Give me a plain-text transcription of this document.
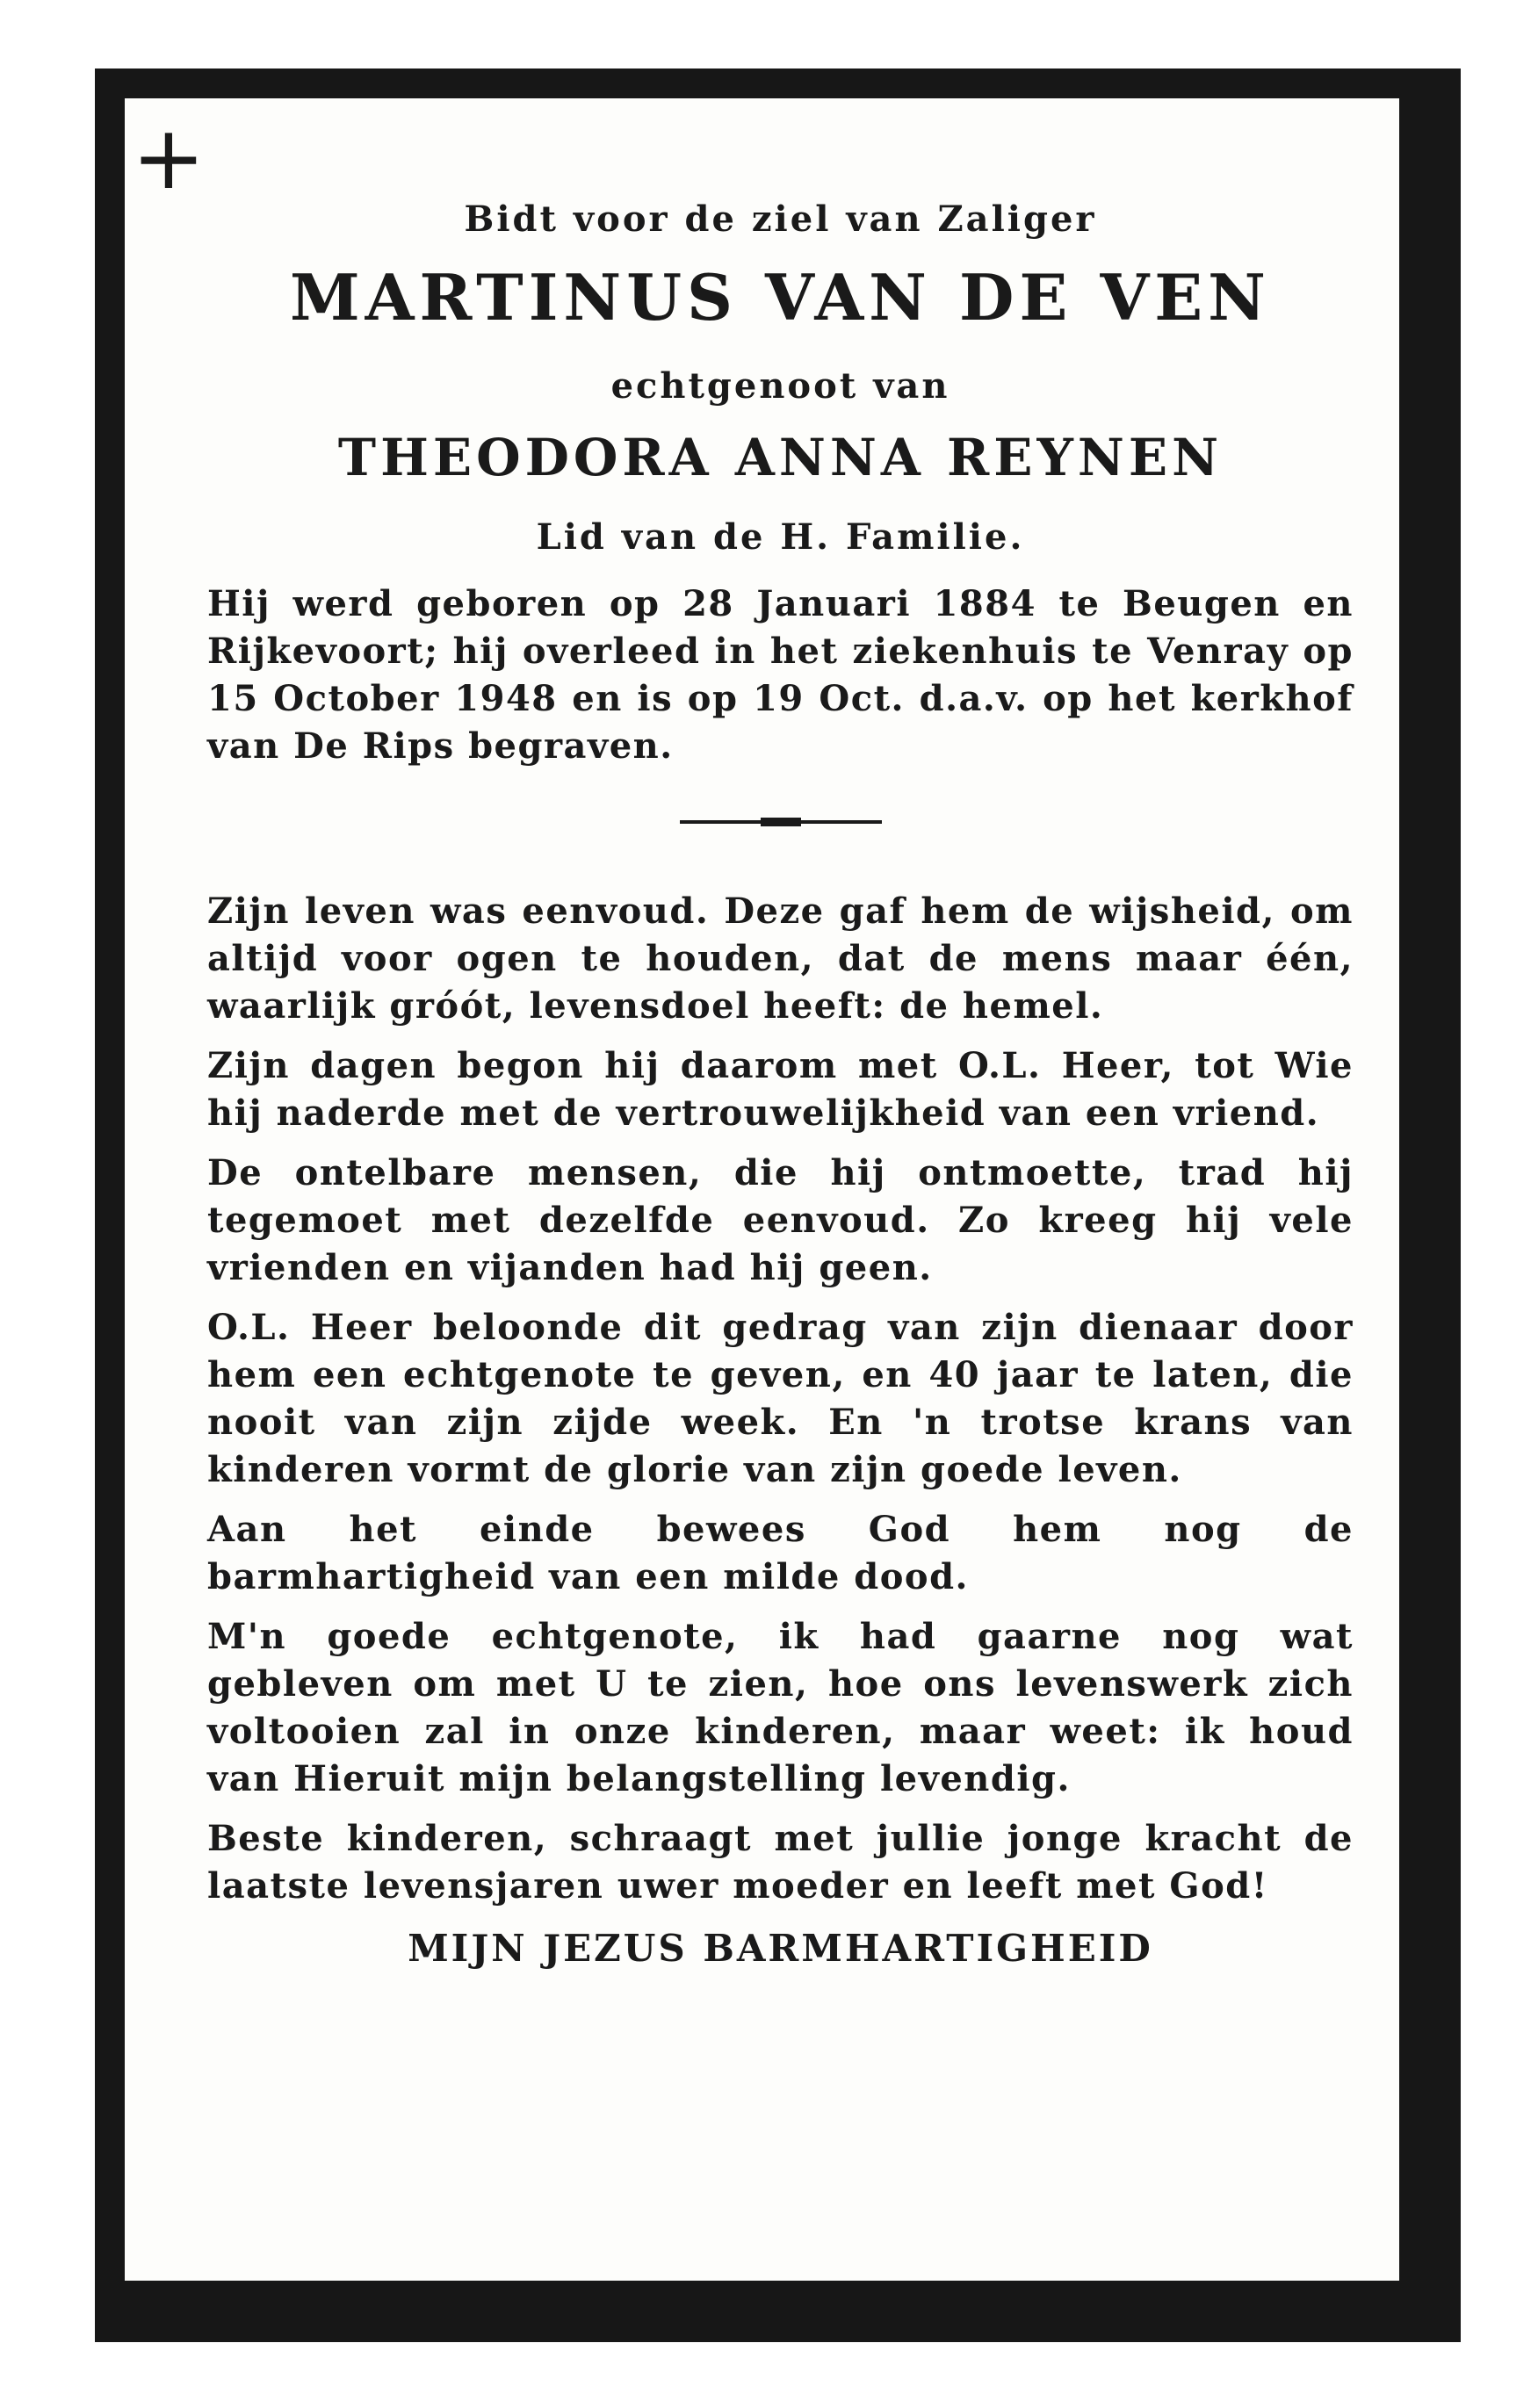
+

Bidt voor de ziel van Zaliger

MARTINUS VAN DE VEN

echtgenoot van

THEODORA ANNA REYNEN

Lid van de H. Familie.

Hij werd geboren op 28 Januari 1884 te Beugen en Rijkevoort; hij overleed in het ziekenhuis te Venray op 15 October 1948 en is op 19 Oct. d.a.v. op het kerkhof van De Rips begraven.

Zijn leven was eenvoud. Deze gaf hem de wijsheid, om altijd voor ogen te houden, dat de mens maar één, waarlijk gróót, levensdoel heeft: de hemel.

Zijn dagen begon hij daarom met O.L. Heer, tot Wie hij naderde met de vertrouwelijkheid van een vriend.

De ontelbare mensen, die hij ontmoette, trad hij tegemoet met dezelfde eenvoud. Zo kreeg hij vele vrienden en vijanden had hij geen.

O.L. Heer beloonde dit gedrag van zijn dienaar door hem een echtgenote te geven, en 40 jaar te laten, die nooit van zijn zijde week. En 'n trotse krans van kinderen vormt de glorie van zijn goede leven.

Aan het einde bewees God hem nog de barmhartigheid van een milde dood.

M'n goede echtgenote, ik had gaarne nog wat gebleven om met U te zien, hoe ons levenswerk zich voltooien zal in onze kinderen, maar weet: ik houd van Hieruit mijn belangstelling levendig.

Beste kinderen, schraagt met jullie jonge kracht de laatste levensjaren uwer moeder en leeft met God!

MIJN JEZUS BARMHARTIGHEID
